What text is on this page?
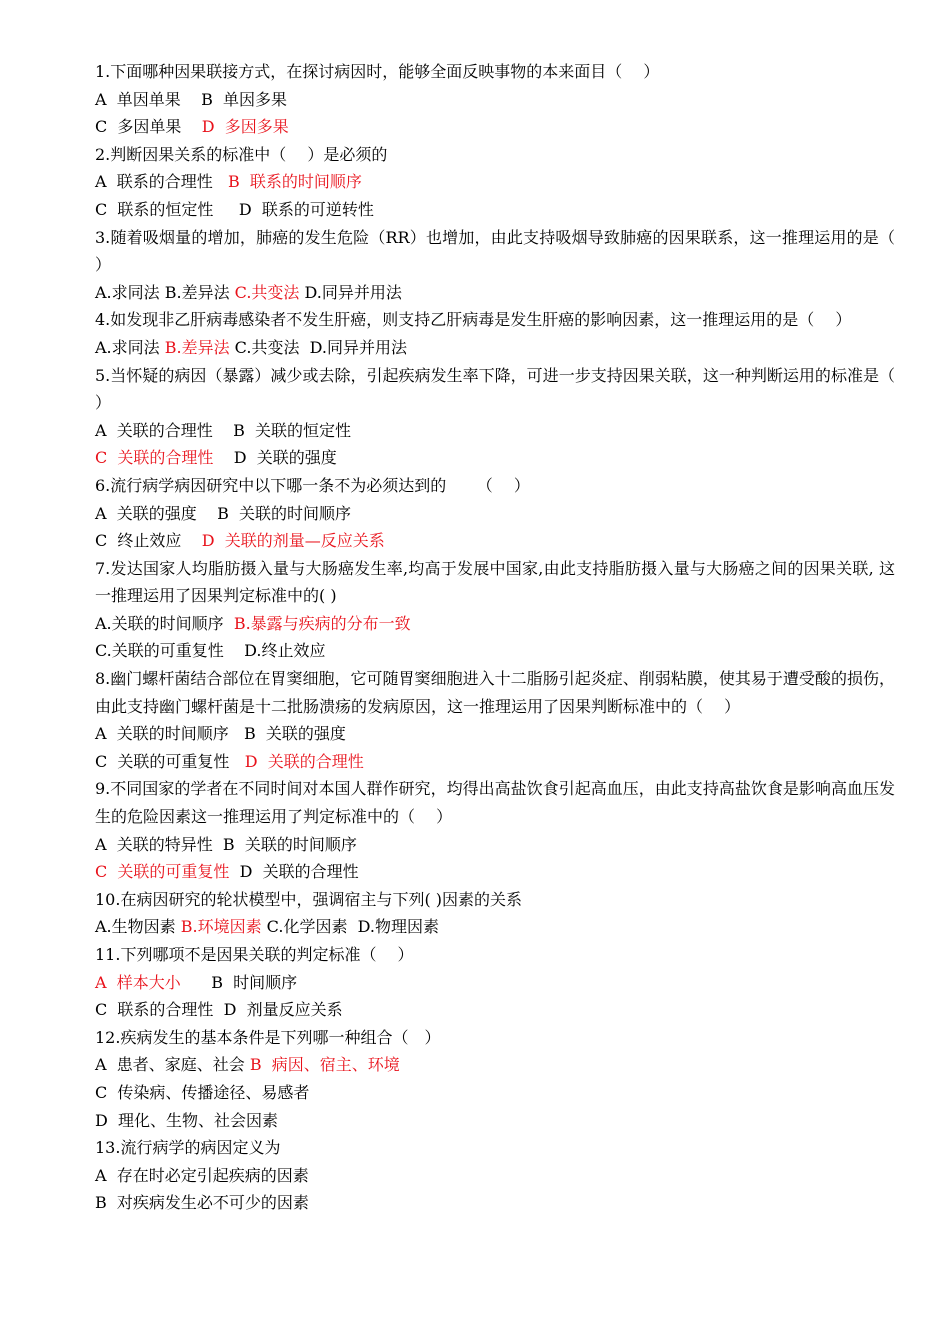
1.下面哪种因果联接方式，在探讨病因时，能够全面反映事物的本来面目（　 ）
A  单因单果    B  单因多果
C  多因单果    D  多因多果
2.判断因果关系的标准中（　 ）是必须的
A  联系的合理性   B  联系的时间顺序
C  联系的恒定性     D  联系的可逆转性
3.随着吸烟量的增加，肺癌的发生危险（RR）也增加，由此支持吸烟导致肺癌的因果联系，这一推理运用的是（　 ）
A.求同法 B.差异法 C.共变法 D.同异并用法
4.如发现非乙肝病毒感染者不发生肝癌，则支持乙肝病毒是发生肝癌的影响因素，这一推理运用的是（　 ）
A.求同法 B.差异法 C.共变法  D.同异并用法
5.当怀疑的病因（暴露）减少或去除，引起疾病发生率下降，可进一步支持因果关联，这一种判断运用的标准是（　 ）
A  关联的合理性    B  关联的恒定性
C  关联的合理性    D  关联的强度
6.流行病学病因研究中以下哪一条不为必须达到的      （　 ）
A  关联的强度    B  关联的时间顺序
C  终止效应    D  关联的剂量—反应关系
7.发达国家人均脂肪摄入量与大肠癌发生率,均高于发展中国家,由此支持脂肪摄入量与大肠癌之间的因果关联, 这一推理运用了因果判定标准中的( )
A.关联的时间顺序  B.暴露与疾病的分布一致
C.关联的可重复性    D.终止效应
8.幽门螺杆菌结合部位在胃窦细胞，它可随胃窦细胞进入十二脂肠引起炎症、削弱粘膜，使其易于遭受酸的损伤，由此支持幽门螺杆菌是十二批肠溃疡的发病原因，这一推理运用了因果判断标准中的（　 ）
A  关联的时间顺序   B  关联的强度
C  关联的可重复性   D  关联的合理性
9.不同国家的学者在不同时间对本国人群作研究，均得出高盐饮食引起高血压，由此支持高盐饮食是影响高血压发生的危险因素这一推理运用了判定标准中的（　 ）
A  关联的特异性  B  关联的时间顺序
C  关联的可重复性  D  关联的合理性
10.在病因研究的轮状模型中，强调宿主与下列( )因素的关系
A.生物因素 B.环境因素 C.化学因素  D.物理因素
11.下列哪项不是因果关联的判定标准（　 ）
A  样本大小      B  时间顺序
C  联系的合理性  D  剂量反应关系
12.疾病发生的基本条件是下列哪一种组合（　）
A  患者、家庭、社会 B  病因、宿主、环境
C  传染病、传播途径、易感者
D  理化、生物、社会因素
13.流行病学的病因定义为
A  存在时必定引起疾病的因素
B  对疾病发生必不可少的因素
